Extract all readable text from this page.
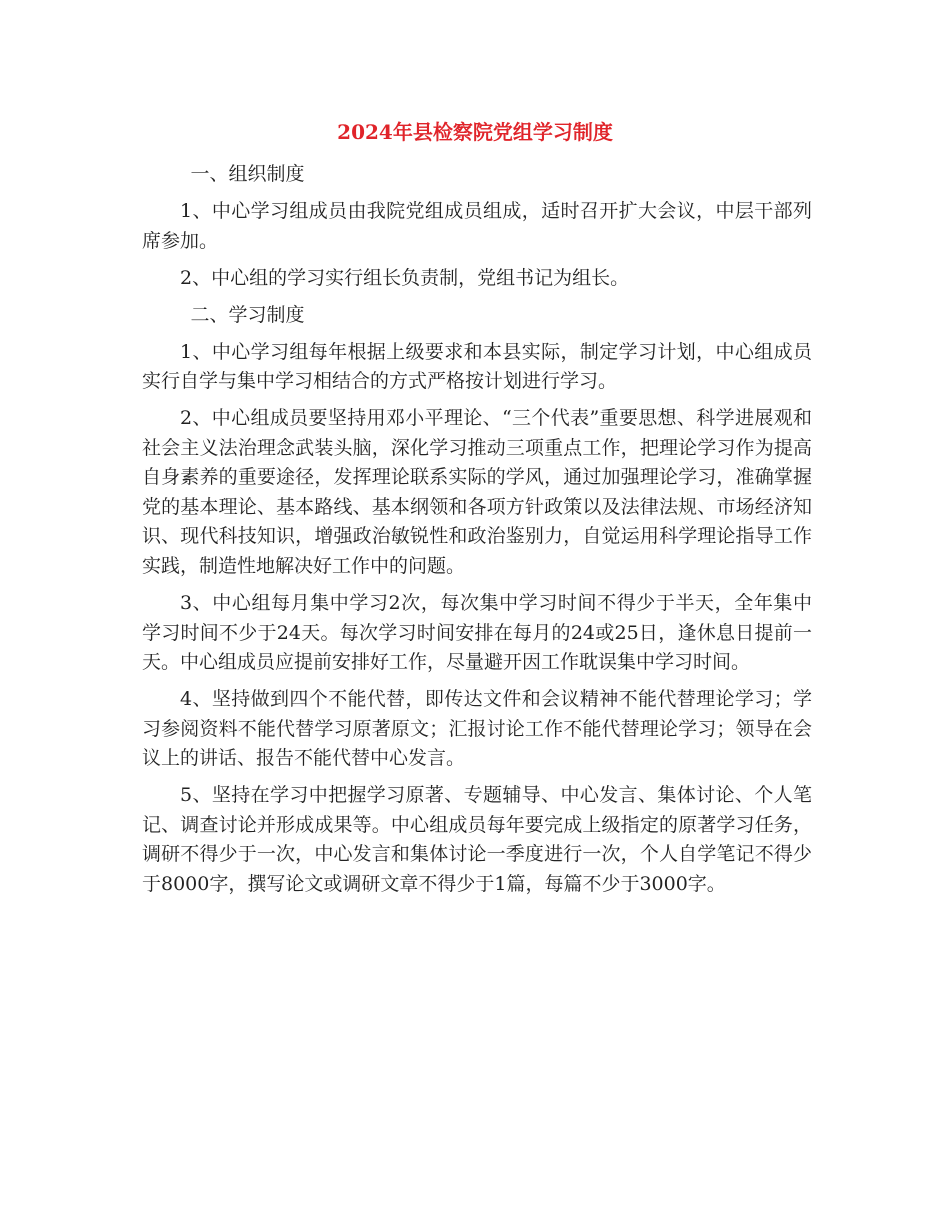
2024年县检察院党组学习制度

一、组织制度

1、中心学习组成员由我院党组成员组成，适时召开扩大会议，中层干部列席参加。

2、中心组的学习实行组长负责制，党组书记为组长。

二、学习制度

1、中心学习组每年根据上级要求和本县实际，制定学习计划，中心组成员实行自学与集中学习相结合的方式严格按计划进行学习。

2、中心组成员要坚持用邓小平理论、“三个代表”重要思想、科学进展观和社会主义法治理念武装头脑，深化学习推动三项重点工作，把理论学习作为提高自身素养的重要途径，发挥理论联系实际的学风，通过加强理论学习，准确掌握党的基本理论、基本路线、基本纲领和各项方针政策以及法律法规、市场经济知识、现代科技知识，增强政治敏锐性和政治鉴别力，自觉运用科学理论指导工作实践，制造性地解决好工作中的问题。

3、中心组每月集中学习2次，每次集中学习时间不得少于半天，全年集中学习时间不少于24天。每次学习时间安排在每月的24或25日，逢休息日提前一天。中心组成员应提前安排好工作，尽量避开因工作耽误集中学习时间。

4、坚持做到四个不能代替，即传达文件和会议精神不能代替理论学习；学习参阅资料不能代替学习原著原文；汇报讨论工作不能代替理论学习；领导在会议上的讲话、报告不能代替中心发言。

5、坚持在学习中把握学习原著、专题辅导、中心发言、集体讨论、个人笔记、调查讨论并形成成果等。中心组成员每年要完成上级指定的原著学习任务，调研不得少于一次，中心发言和集体讨论一季度进行一次，个人自学笔记不得少于8000字，撰写论文或调研文章不得少于1篇，每篇不少于3000字。
